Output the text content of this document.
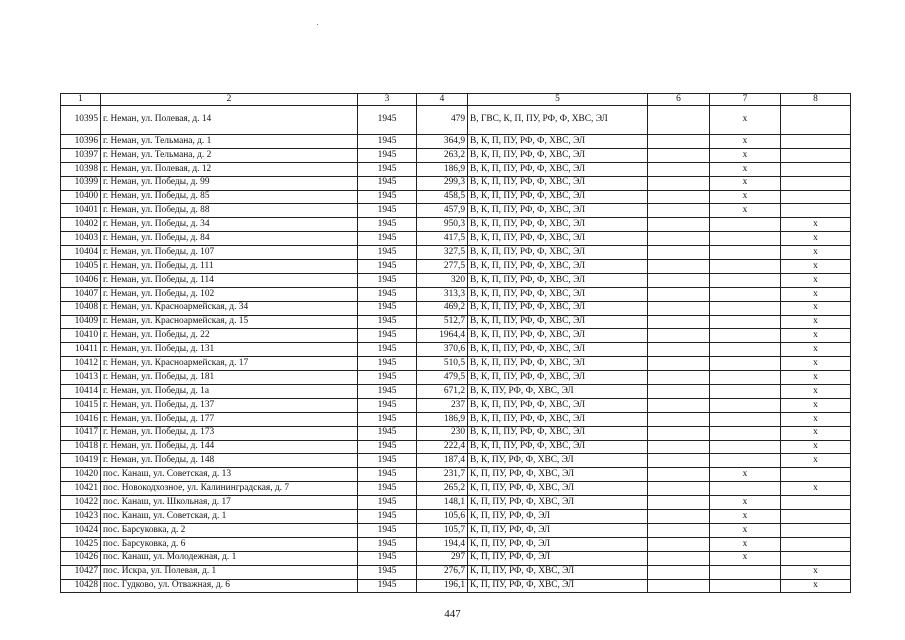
1	2	3	4	5	6	7	8
10395	г. Неман, ул. Полевая, д. 14	1945	479	В, ГВС, К, П, ПУ, РФ, Ф, ХВС, ЭЛ		х	
10396	г. Неман, ул. Тельмана, д. 1	1945	364,9	В, К, П, ПУ, РФ, Ф, ХВС, ЭЛ		х	
10397	г. Неман, ул. Тельмана, д. 2	1945	263,2	В, К, П, ПУ, РФ, Ф, ХВС, ЭЛ		х	
10398	г. Неман, ул. Полевая, д. 12	1945	186,9	В, К, П, ПУ, РФ, Ф, ХВС, ЭЛ		х	
10399	г. Неман, ул. Победы, д. 99	1945	299,3	В, К, П, ПУ, РФ, Ф, ХВС, ЭЛ		х	
10400	г. Неман, ул. Победы, д. 85	1945	458,5	В, К, П, ПУ, РФ, Ф, ХВС, ЭЛ		х	
10401	г. Неман, ул. Победы, д. 88	1945	457,9	В, К, П, ПУ, РФ, Ф, ХВС, ЭЛ		х	
10402	г. Неман, ул. Победы, д. 34	1945	950,3	В, К, П, ПУ, РФ, Ф, ХВС, ЭЛ			х
10403	г. Неман, ул. Победы, д. 84	1945	417,5	В, К, П, ПУ, РФ, Ф, ХВС, ЭЛ			х
10404	г. Неман, ул. Победы, д. 107	1945	327,5	В, К, П, ПУ, РФ, Ф, ХВС, ЭЛ			х
10405	г. Неман, ул. Победы, д. 111	1945	277,5	В, К, П, ПУ, РФ, Ф, ХВС, ЭЛ			х
10406	г. Неман, ул. Победы, д. 114	1945	320	В, К, П, ПУ, РФ, Ф, ХВС, ЭЛ			х
10407	г. Неман, ул. Победы, д. 102	1945	313,3	В, К, П, ПУ, РФ, Ф, ХВС, ЭЛ			х
10408	г. Неман, ул. Красноармейская, д. 34	1945	469,2	В, К, П, ПУ, РФ, Ф, ХВС, ЭЛ			х
10409	г. Неман, ул. Красноармейская, д. 15	1945	512,7	В, К, П, ПУ, РФ, Ф, ХВС, ЭЛ			х
10410	г. Неман, ул. Победы, д. 22	1945	1964,4	В, К, П, ПУ, РФ, Ф, ХВС, ЭЛ			х
10411	г. Неман, ул. Победы, д. 131	1945	370,6	В, К, П, ПУ, РФ, Ф, ХВС, ЭЛ			х
10412	г. Неман, ул. Красноармейская, д. 17	1945	510,5	В, К, П, ПУ, РФ, Ф, ХВС, ЭЛ			х
10413	г. Неман, ул. Победы, д. 181	1945	479,5	В, К, П, ПУ, РФ, Ф, ХВС, ЭЛ			х
10414	г. Неман, ул. Победы, д. 1а	1945	671,2	В, К, ПУ, РФ, Ф, ХВС, ЭЛ			х
10415	г. Неман, ул. Победы, д. 137	1945	237	В, К, П, ПУ, РФ, Ф, ХВС, ЭЛ			х
10416	г. Неман, ул. Победы, д. 177	1945	186,9	В, К, П, ПУ, РФ, Ф, ХВС, ЭЛ			х
10417	г. Неман, ул. Победы, д. 173	1945	230	В, К, П, ПУ, РФ, Ф, ХВС, ЭЛ			х
10418	г. Неман, ул. Победы, д. 144	1945	222,4	В, К, П, ПУ, РФ, Ф, ХВС, ЭЛ			х
10419	г. Неман, ул. Победы, д. 148	1945	187,4	В, К, ПУ, РФ, Ф, ХВС, ЭЛ			х
10420	пос. Канаш, ул. Советская, д. 13	1945	231,7	К, П, ПУ, РФ, Ф, ХВС, ЭЛ		х	
10421	пос. Новокодхозное, ул. Калининградская, д. 7	1945	265,2	К, П, ПУ, РФ, Ф, ХВС, ЭЛ			х
10422	пос. Канаш, ул. Школьная, д. 17	1945	148,1	К, П, ПУ, РФ, Ф, ХВС, ЭЛ		х	
10423	пос. Канаш, ул. Советская, д. 1	1945	105,6	К, П, ПУ, РФ, Ф, ЭЛ		х	
10424	пос. Барсуковка, д. 2	1945	105,7	К, П, ПУ, РФ, Ф, ЭЛ		х	
10425	пос. Барсуковка, д. 6	1945	194,4	К, П, ПУ, РФ, Ф, ЭЛ		х	
10426	пос. Канаш, ул. Молодежная, д. 1	1945	297	К, П, ПУ, РФ, Ф, ЭЛ		х	
10427	пос. Искра, ул. Полевая, д. 1	1945	276,7	К, П, ПУ, РФ, Ф, ХВС, ЭЛ			х
10428	пос. Гудково, ул. Отважная, д. 6	1945	196,1	К, П, ПУ, РФ, Ф, ХВС, ЭЛ			х
447
